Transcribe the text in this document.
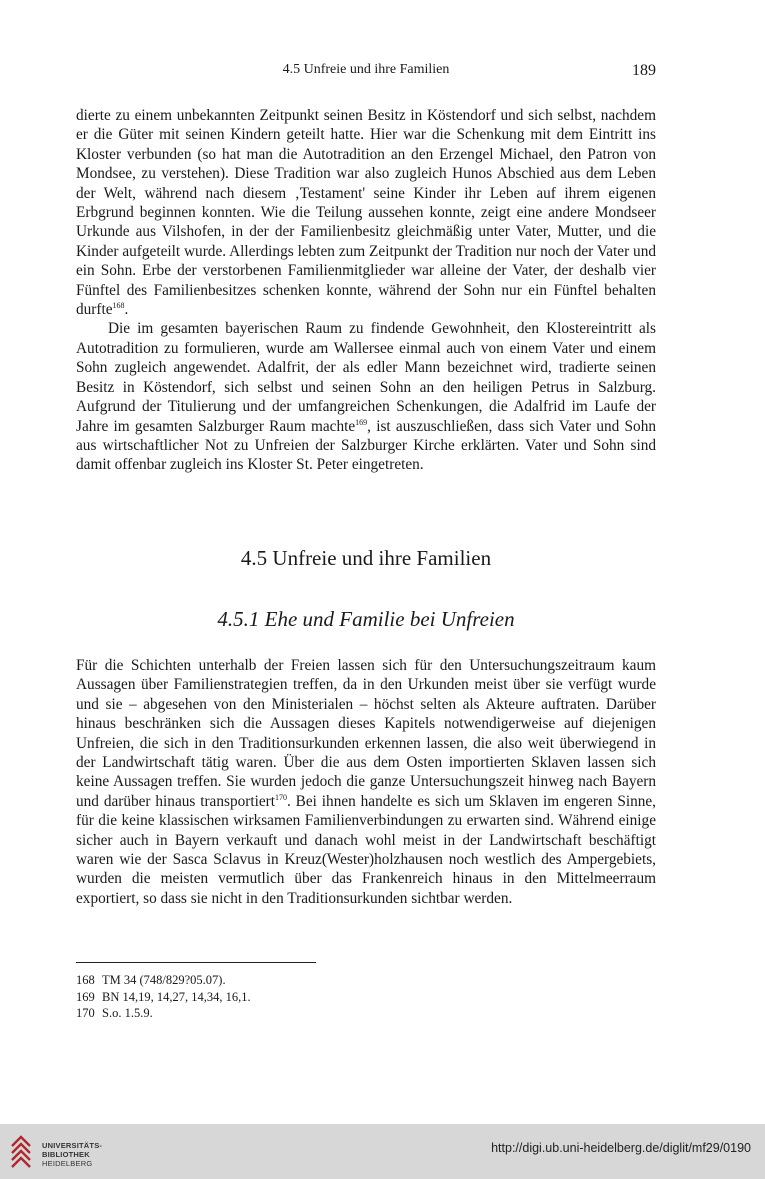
4.5 Unfreie und ihre Familien	189

dierte zu einem unbekannten Zeitpunkt seinen Besitz in Köstendorf und sich selbst, nachdem er die Güter mit seinen Kindern geteilt hatte. Hier war die Schenkung mit dem Eintritt ins Kloster verbunden (so hat man die Autotradition an den Erzengel Michael, den Patron von Mondsee, zu verstehen). Diese Tradition war also zugleich Hunos Abschied aus dem Leben der Welt, während nach diesem ‚Testament' seine Kinder ihr Leben auf ihrem eigenen Erbgrund beginnen konnten. Wie die Teilung aussehen konnte, zeigt eine andere Mondseer Urkunde aus Vilshofen, in der der Familienbesitz gleichmäßig unter Vater, Mutter, und die Kinder aufgeteilt wurde. Allerdings lebten zum Zeitpunkt der Tradition nur noch der Vater und ein Sohn. Erbe der verstorbenen Familienmitglieder war alleine der Vater, der deshalb vier Fünftel des Familienbesitzes schenken konnte, während der Sohn nur ein Fünftel behalten durfte$^{168}$.

Die im gesamten bayerischen Raum zu findende Gewohnheit, den Klostereintritt als Autotradition zu formulieren, wurde am Wallersee einmal auch von einem Vater und einem Sohn zugleich angewendet. Adalfrit, der als edler Mann bezeichnet wird, tradierte seinen Besitz in Köstendorf, sich selbst und seinen Sohn an den heiligen Petrus in Salzburg. Aufgrund der Titulierung und der umfangreichen Schenkungen, die Adalfrid im Laufe der Jahre im gesamten Salzburger Raum machte$^{169}$, ist auszuschließen, dass sich Vater und Sohn aus wirtschaftlicher Not zu Unfreien der Salzburger Kirche erklärten. Vater und Sohn sind damit offenbar zugleich ins Kloster St. Peter eingetreten.

4.5 Unfreie und ihre Familien
4.5.1 Ehe und Familie bei Unfreien

Für die Schichten unterhalb der Freien lassen sich für den Untersuchungszeitraum kaum Aussagen über Familienstrategien treffen, da in den Urkunden meist über sie verfügt wurde und sie – abgesehen von den Ministerialen – höchst selten als Akteure auftraten. Darüber hinaus beschränken sich die Aussagen dieses Kapitels notwendigerweise auf diejenigen Unfreien, die sich in den Traditionsurkunden erkennen lassen, die also weit überwiegend in der Landwirtschaft tätig waren. Über die aus dem Osten importierten Sklaven lassen sich keine Aussagen treffen. Sie wurden jedoch die ganze Untersuchungszeit hinweg nach Bayern und darüber hinaus transportiert$^{170}$. Bei ihnen handelte es sich um Sklaven im engeren Sinne, für die keine klassischen wirksamen Familienverbindungen zu erwarten sind. Während einige sicher auch in Bayern verkauft und danach wohl meist in der Landwirtschaft beschäftigt waren wie der Sasca Sclavus in Kreuz(Wester)holzhausen noch westlich des Ampergebiets, wurden die meisten vermutlich über das Frankenreich hinaus in den Mittelmeerraum exportiert, so dass sie nicht in den Traditionsurkunden sichtbar werden.

168 TM 34 (748/829?05.07).
169 BN 14,19, 14,27, 14,34, 16,1.
170 S.o. 1.5.9.
UNIVERSITÄTS-
BIBLIOTHEK
HEIDELBERG
http://digi.ub.uni-heidelberg.de/diglit/mf29/0190
